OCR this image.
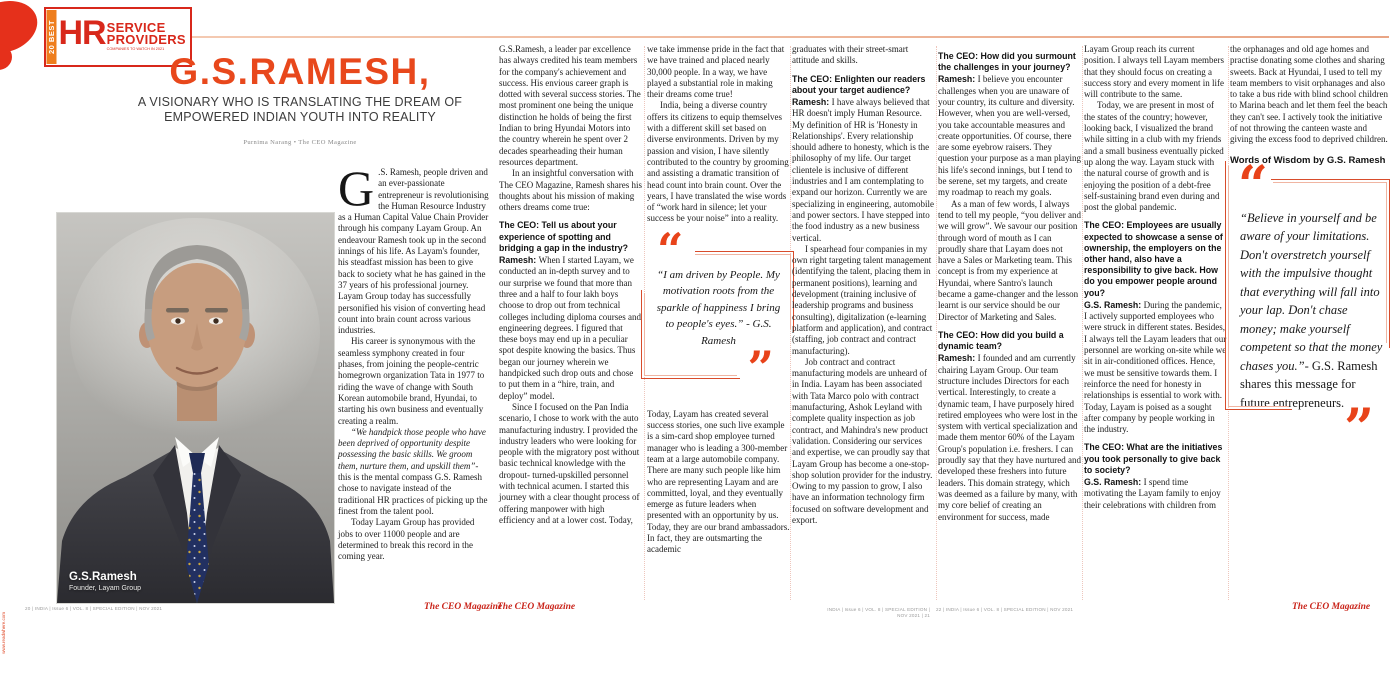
20 BEST HR SERVICE
PROVIDERS
COMPANIES TO WATCH IN 2021
G.S.RAMESH,
A VISIONARY WHO IS TRANSLATING THE DREAM OF
EMPOWERED INDIAN YOUTH INTO REALITY
Purnima Narang • The CEO Magazine
G.S.Ramesh
Founder, Layam Group

G .S. Ramesh, people driven and an ever-passionate entrepreneur is revolutionising the Human Resource Industry as a Human Capital Value Chain Provider through his company Layam Group. An endeavour Ramesh took up in the second innings of his life. As Layam's founder, his steadfast mission has been to give back to society what he has gained in the 37 years of his professional journey. Layam Group today has successfully personified his vision of converting head count into brain count across various industries.

His career is synonymous with the seamless symphony created in four phases, from joining the people-centric homegrown organization Tata in 1977 to riding the wave of change with South Korean automobile brand, Hyundai, to starting his own business and eventually creating a realm.

“We handpick those people who have been deprived of opportunity despite possessing the basic skills. We groom them, nurture them, and upskill them”- this is the mental compass G.S. Ramesh chose to navigate instead of the traditional HR practices of picking up the finest from the talent pool.

Today Layam Group has provided jobs to over 11000 people and are determined to break this record in the coming year.

G.S.Ramesh, a leader par excellence has always credited his team members for the company's achievement and success. His envious career graph is dotted with several success stories. The most prominent one being the unique distinction he holds of being the first Indian to bring Hyundai Motors into the country wherein he spent over 2 decades spearheading their human resources department.

In an insightful conversation with The CEO Magazine, Ramesh shares his thoughts about his mission of making others dreams come true:

The CEO: Tell us about your experience of spotting and bridging a gap in the industry?

Ramesh: When I started Layam, we conducted an in-depth survey and to our surprise we found that more than three and a half to four lakh boys choose to drop out from technical colleges including diploma courses and engineering degrees. I figured that these boys may end up in a peculiar spot despite knowing the basics. Thus began our journey wherein we handpicked such drop outs and chose to put them in a “hire, train, and deploy” model.

Since I focused on the Pan India scenario, I chose to work with the auto manufacturing industry. I provided the industry leaders who were looking for people with the migratory post without basic technical knowledge with the dropout- turned-upskilled personnel with technical acumen. I started this journey with a clear thought process of offering manpower with high efficiency and at a lower cost. Today,

we take immense pride in the fact that we have trained and placed nearly 30,000 people. In a way, we have played a substantial role in making their dreams come true!

India, being a diverse country offers its citizens to equip themselves with a different skill set based on diverse environments. Driven by my passion and vision, I have silently contributed to the country by grooming and assisting a dramatic transition of head count into brain count. Over the years, I have translated the wise words of “work hard in silence; let your success be your noise” into a reality.

“
“I am driven by People. My motivation roots from the sparkle of happiness I bring to people's eyes.” - G.S. Ramesh
”

Today, Layam has created several success stories, one such live example is a sim-card shop employee turned manager who is leading a 300-member team at a large automobile company. There are many such people like him who are representing Layam and are committed, loyal, and they eventually emerge as future leaders when presented with an opportunity by us. Today, they are our brand ambassadors. In fact, they are outsmarting the academic

graduates with their street-smart attitude and skills.

The CEO: Enlighten our readers about your target audience?

Ramesh: I have always believed that HR doesn't imply Human Resource. My definition of HR is 'Honesty in Relationships'. Every relationship should adhere to honesty, which is the philosophy of my life. Our target clientele is inclusive of different industries and I am contemplating to expand our horizon. Currently we are specializing in engineering, automobile and power sectors. I have stepped into the food industry as a new business vertical.

I spearhead four companies in my own right targeting talent management (identifying the talent, placing them in permanent positions), learning and development (training inclusive of leadership programs and business consulting), digitalization (e-learning platform and application), and contract (staffing, job contract and contract manufacturing).

Job contract and contract manufacturing models are unheard of in India. Layam has been associated with Tata Marco polo with contract manufacturing, Ashok Leyland with complete quality inspection as job contract, and Mahindra's new product validation. Considering our services and expertise, we can proudly say that Layam Group has become a one-stop-shop solution provider for the industry. Owing to my passion to grow, I also have an information technology firm focused on software development and export.

The CEO: How did you surmount the challenges in your journey?

Ramesh: I believe you encounter challenges when you are unaware of your country, its culture and diversity. However, when you are well-versed, you take accountable measures and create opportunities. Of course, there are some eyebrow raisers. They question your purpose as a man playing his life's second innings, but I tend to be serene, set my targets, and create my roadmap to reach my goals.

As a man of few words, I always tend to tell my people, “you deliver and we will grow”. We savour our position through word of mouth as I can proudly share that Layam does not have a Sales or Marketing team. This concept is from my experience at Hyundai, where Santro's launch became a game-changer and the lesson learnt is our service should be our Director of Marketing and Sales.

The CEO: How did you build a dynamic team?

Ramesh: I founded and am currently chairing Layam Group. Our team structure includes Directors for each vertical. Interestingly, to create a dynamic team, I have purposely hired retired employees who were lost in the system with vertical specialization and made them mentor 60% of the Layam Group's population i.e. freshers. I can proudly say that they have nurtured and developed these freshers into future leaders. This domain strategy, which was deemed as a failure by many, with my core belief of creating an environment for success, made

Layam Group reach its current position. I always tell Layam members that they should focus on creating a success story and every moment in life will contribute to the same.

Today, we are present in most of the states of the country; however, looking back, I visualized the brand while sitting in a club with my friends and a small business eventually picked up along the way. Layam stuck with the natural course of growth and is enjoying the position of a debt-free self-sustaining brand even during and post the global pandemic.

The CEO: Employees are usually expected to showcase a sense of ownership, the employers on the other hand, also have a responsibility to give back. How do you empower people around you?

G.S. Ramesh: During the pandemic, I actively supported employees who were struck in different states. Besides, I always tell the Layam leaders that our personnel are working on-site while we sit in air-conditioned offices. Hence, we must be sensitive towards them. I reinforce the need for honesty in relationships is essential to work with. Today, Layam is poised as a sought after company by people working in the industry.

The CEO: What are the initiatives you took personally to give back to society?

G.S. Ramesh: I spend time motivating the Layam family to enjoy their celebrations with children from

the orphanages and old age homes and practise donating some clothes and sharing sweets. Back at Hyundai, I used to tell my team members to visit orphanages and also to take a bus ride with blind school children to Marina beach and let them feel the beach they can't see. I actively took the initiative of not throwing the canteen waste and giving the excess food to deprived children.

Words of Wisdom by G.S. Ramesh

“
“Believe in yourself and be aware of your limitations. Don't overstretch yourself with the impulsive thought that everything will fall into your lap. Don't chase money; make yourself competent so that the money chases you.”- G.S. Ramesh shares this message for future entrepreneurs. ”
20 | INDIA | Issue 6 | VOL. 8 | SPECIAL EDITION | NOV 2021	The CEO Magazine
The CEO Magazine	INDIA | Issue 6 | VOL. 8 | SPECIAL EDITION | NOV 2021 | 21
22 | INDIA | Issue 6 | VOL. 8 | SPECIAL EDITION | NOV 2021	The CEO Magazine
www.readwhere.com
